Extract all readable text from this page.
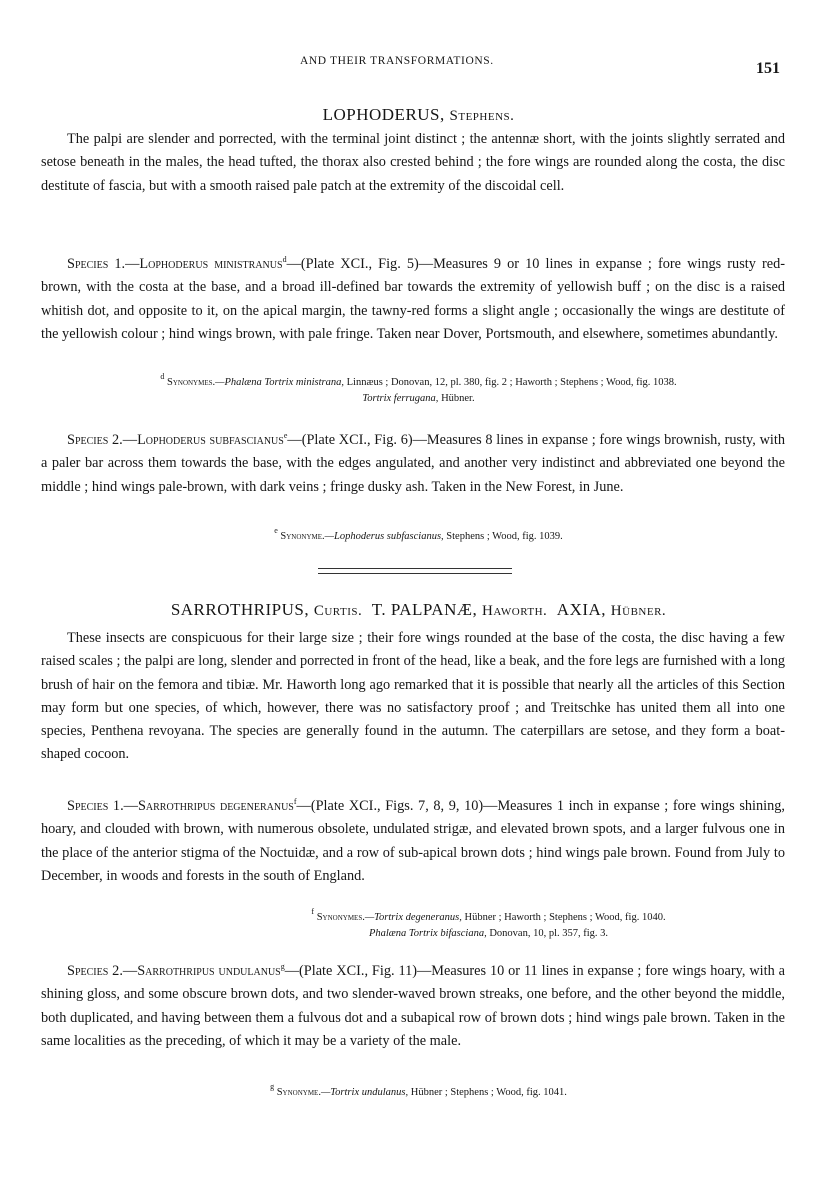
AND THEIR TRANSFORMATIONS.	151
LOPHODERUS, Stephens.
The palpi are slender and porrected, with the terminal joint distinct ; the antennæ short, with the joints slightly serrated and setose beneath in the males, the head tufted, the thorax also crested behind ; the fore wings are rounded along the costa, the disc destitute of fascia, but with a smooth raised pale patch at the extremity of the discoidal cell.
Species 1.—Lophoderus ministranus$^d$—(Plate XCI., Fig. 5)—Measures 9 or 10 lines in expanse ; fore wings rusty red-brown, with the costa at the base, and a broad ill-defined bar towards the extremity of yellowish buff ; on the disc is a raised whitish dot, and opposite to it, on the apical margin, the tawny-red forms a slight angle ; occasionally the wings are destitute of the yellowish colour ; hind wings brown, with pale fringe. Taken near Dover, Portsmouth, and elsewhere, sometimes abundantly.
$^d$ Synonymes.—Phalæna Tortrix ministrana, Linnæus ; Donovan, 12, pl. 380, fig. 2 ; Haworth ; Stephens ; Wood, fig. 1038.
Tortrix ferrugana, Hübner.
Species 2.—Lophoderus subfascianus$^e$—(Plate XCI., Fig. 6)—Measures 8 lines in expanse ; fore wings brownish, rusty, with a paler bar across them towards the base, with the edges angulated, and another very indistinct and abbreviated one beyond the middle ; hind wings pale-brown, with dark veins ; fringe dusky ash. Taken in the New Forest, in June.
$^e$ Synonyme.—Lophoderus subfascianus, Stephens ; Wood, fig. 1039.
SARROTHRIPUS, Curtis. T. PALPANÆ, Haworth. AXIA, Hübner.
These insects are conspicuous for their large size ; their fore wings rounded at the base of the costa, the disc having a few raised scales ; the palpi are long, slender and porrected in front of the head, like a beak, and the fore legs are furnished with a long brush of hair on the femora and tibiæ. Mr. Haworth long ago remarked that it is possible that nearly all the articles of this Section may form but one species, of which, however, there was no satisfactory proof ; and Treitschke has united them all into one species, Penthena revoyana. The species are generally found in the autumn. The caterpillars are setose, and they form a boat-shaped cocoon.
Species 1.—Sarrothripus degeneranus$^f$—(Plate XCI., Figs. 7, 8, 9, 10)—Measures 1 inch in expanse ; fore wings shining, hoary, and clouded with brown, with numerous obsolete, undulated strigæ, and elevated brown spots, and a larger fulvous one in the place of the anterior stigma of the Noctuidæ, and a row of sub-apical brown dots ; hind wings pale brown. Found from July to December, in woods and forests in the south of England.
$^f$ Synonymes.—Tortrix degeneranus, Hübner ; Haworth ; Stephens ; Wood, fig. 1040.
Phalæna Tortrix bifasciana, Donovan, 10, pl. 357, fig. 3.
Species 2.—Sarrothripus undulanus$^g$—(Plate XCI., Fig. 11)—Measures 10 or 11 lines in expanse ; fore wings hoary, with a shining gloss, and some obscure brown dots, and two slender-waved brown streaks, one before, and the other beyond the middle, both duplicated, and having between them a fulvous dot and a subapical row of brown dots ; hind wings pale brown. Taken in the same localities as the preceding, of which it may be a variety of the male.
$^g$ Synonyme.—Tortrix undulanus, Hübner ; Stephens ; Wood, fig. 1041.
